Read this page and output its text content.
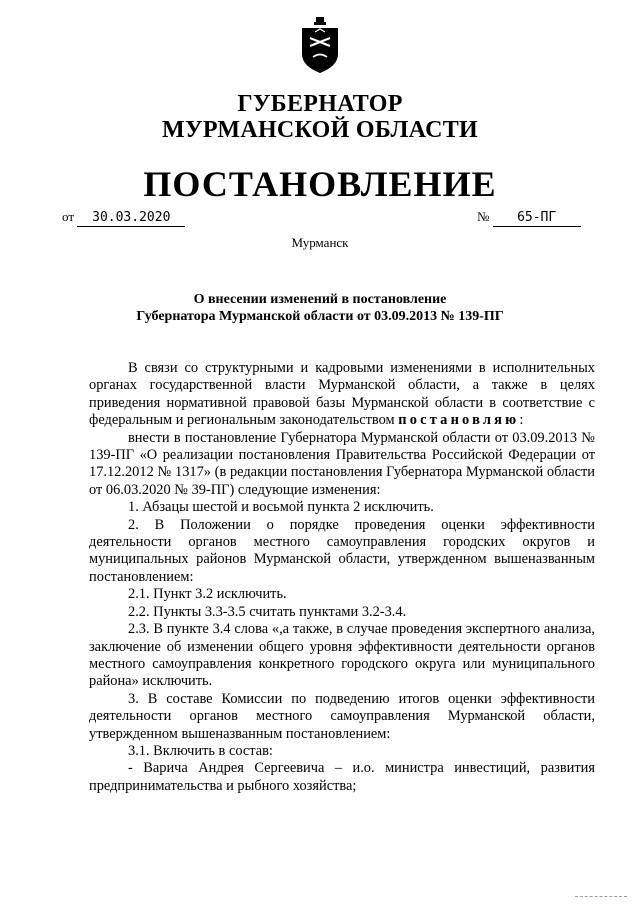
ГУБЕРНАТОР
МУРМАНСКОЙ ОБЛАСТИ
ПОСТАНОВЛЕНИЕ
от 30.03.2020	№ 65-ПГ
Мурманск
О внесении изменений в постановление
Губернатора Мурманской области от 03.09.2013 № 139-ПГ

В связи со структурными и кадровыми изменениями в исполнительных органах государственной власти Мурманской области, а также в целях приведения нормативной правовой базы Мурманской области в соответствие с федеральным и региональным законодательством постановляю:

внести в постановление Губернатора Мурманской области от 03.09.2013 № 139-ПГ «О реализации постановления Правительства Российской Федерации от 17.12.2012 № 1317» (в редакции постановления Губернатора Мурманской области от 06.03.2020 № 39-ПГ) следующие изменения:

1. Абзацы шестой и восьмой пункта 2 исключить.

2. В Положении о порядке проведения оценки эффективности деятельности органов местного самоуправления городских округов и муниципальных районов Мурманской области, утвержденном вышеназванным постановлением:

2.1. Пункт 3.2 исключить.

2.2. Пункты 3.3-3.5 считать пунктами 3.2-3.4.

2.3. В пункте 3.4 слова «,а также, в случае проведения экспертного анализа, заключение об изменении общего уровня эффективности деятельности органов местного самоуправления конкретного городского округа или муниципального района» исключить.

3. В составе Комиссии по подведению итогов оценки эффективности деятельности органов местного самоуправления Мурманской области, утвержденном вышеназванным постановлением:

3.1. Включить в состав:

- Варича Андрея Сергеевича – и.о. министра инвестиций, развития предпринимательства и рыбного хозяйства;
